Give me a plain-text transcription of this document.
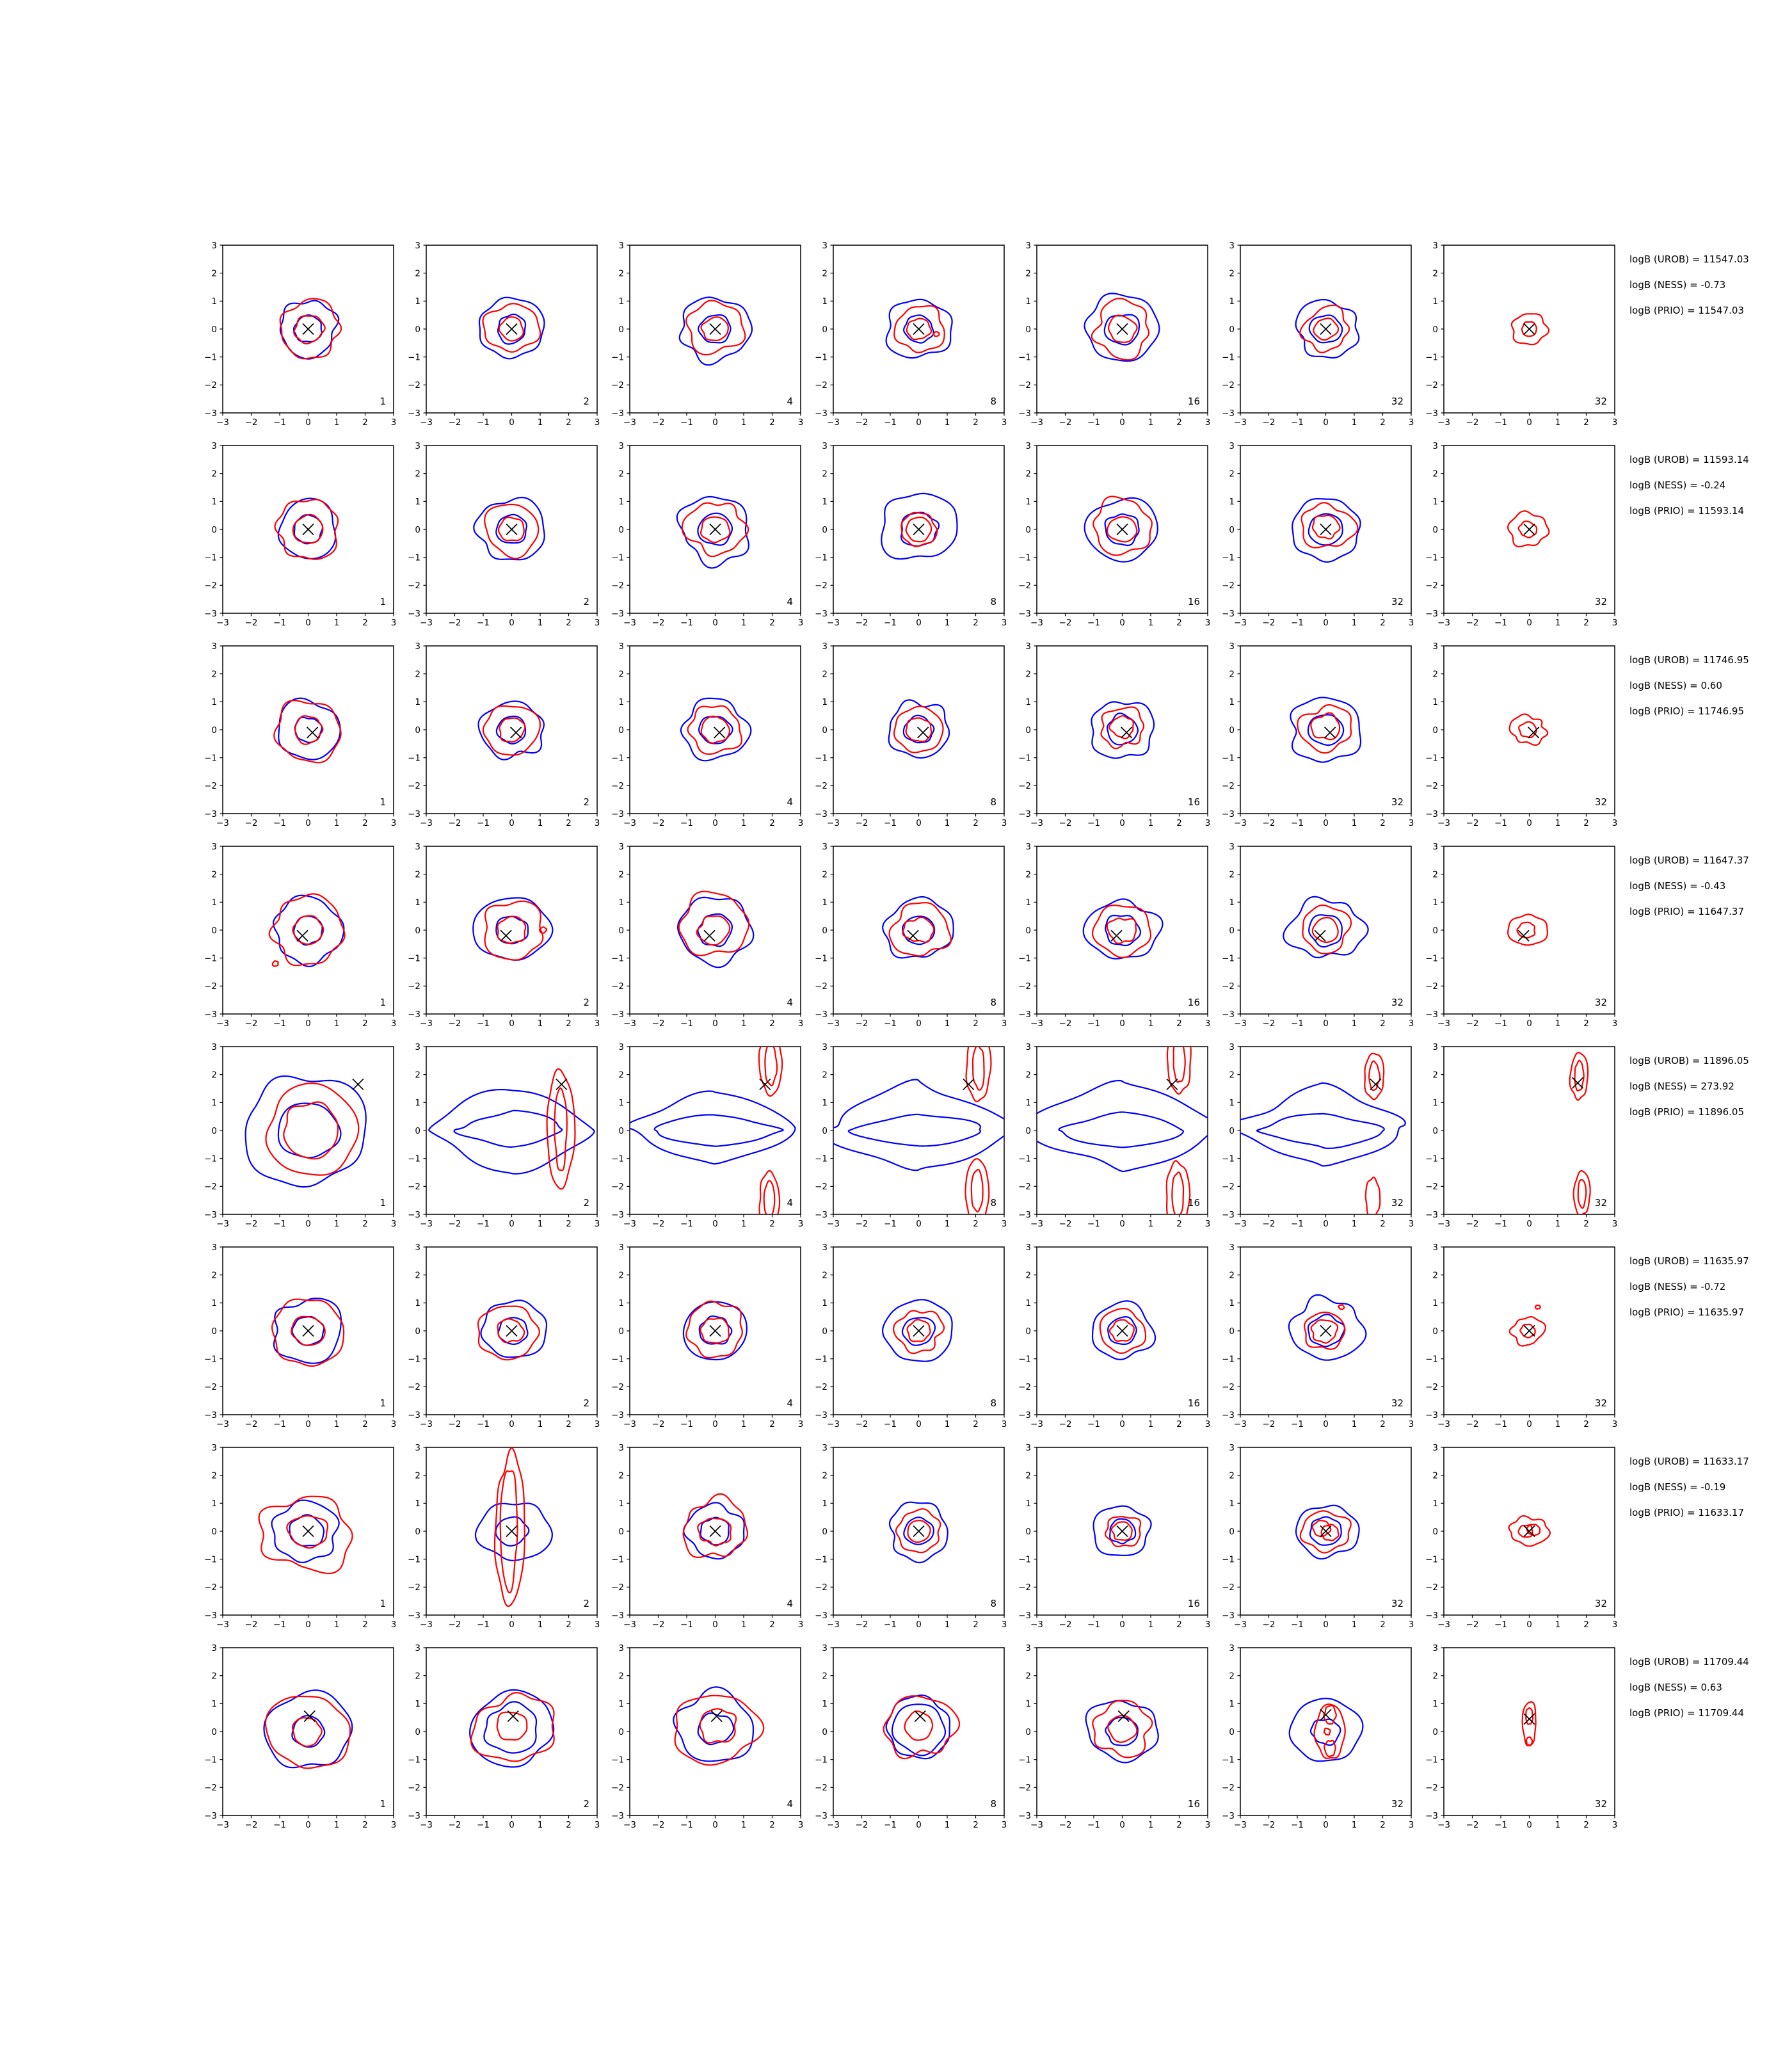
−3
−3
−2
−2
−1
−1
0
0
1
1
2
2
3
3
1
−3
−3
−2
−2
−1
−1
0
0
1
1
2
2
3
3
2
−3
−3
−2
−2
−1
−1
0
0
1
1
2
2
3
3
4
−3
−3
−2
−2
−1
−1
0
0
1
1
2
2
3
3
8
−3
−3
−2
−2
−1
−1
0
0
1
1
2
2
3
3
16
−3
−3
−2
−2
−1
−1
0
0
1
1
2
2
3
3
32
−3
−3
−2
−2
−1
−1
0
0
1
1
2
2
3
3
32
logB (UROB) = 11547.03
logB (NESS) = -0.73
logB (PRIO) = 11547.03
−3
−3
−2
−2
−1
−1
0
0
1
1
2
2
3
3
1
−3
−3
−2
−2
−1
−1
0
0
1
1
2
2
3
3
2
−3
−3
−2
−2
−1
−1
0
0
1
1
2
2
3
3
4
−3
−3
−2
−2
−1
−1
0
0
1
1
2
2
3
3
8
−3
−3
−2
−2
−1
−1
0
0
1
1
2
2
3
3
16
−3
−3
−2
−2
−1
−1
0
0
1
1
2
2
3
3
32
−3
−3
−2
−2
−1
−1
0
0
1
1
2
2
3
3
32
logB (UROB) = 11593.14
logB (NESS) = -0.24
logB (PRIO) = 11593.14
−3
−3
−2
−2
−1
−1
0
0
1
1
2
2
3
3
1
−3
−3
−2
−2
−1
−1
0
0
1
1
2
2
3
3
2
−3
−3
−2
−2
−1
−1
0
0
1
1
2
2
3
3
4
−3
−3
−2
−2
−1
−1
0
0
1
1
2
2
3
3
8
−3
−3
−2
−2
−1
−1
0
0
1
1
2
2
3
3
16
−3
−3
−2
−2
−1
−1
0
0
1
1
2
2
3
3
32
−3
−3
−2
−2
−1
−1
0
0
1
1
2
2
3
3
32
logB (UROB) = 11746.95
logB (NESS) = 0.60
logB (PRIO) = 11746.95
−3
−3
−2
−2
−1
−1
0
0
1
1
2
2
3
3
1
−3
−3
−2
−2
−1
−1
0
0
1
1
2
2
3
3
2
−3
−3
−2
−2
−1
−1
0
0
1
1
2
2
3
3
4
−3
−3
−2
−2
−1
−1
0
0
1
1
2
2
3
3
8
−3
−3
−2
−2
−1
−1
0
0
1
1
2
2
3
3
16
−3
−3
−2
−2
−1
−1
0
0
1
1
2
2
3
3
32
−3
−3
−2
−2
−1
−1
0
0
1
1
2
2
3
3
32
logB (UROB) = 11647.37
logB (NESS) = -0.43
logB (PRIO) = 11647.37
−3
−3
−2
−2
−1
−1
0
0
1
1
2
2
3
3
1
−3
−3
−2
−2
−1
−1
0
0
1
1
2
2
3
3
2
−3
−3
−2
−2
−1
−1
0
0
1
1
2
2
3
3
4
−3
−3
−2
−2
−1
−1
0
0
1
1
2
2
3
3
8
−3
−3
−2
−2
−1
−1
0
0
1
1
2
2
3
3
16
−3
−3
−2
−2
−1
−1
0
0
1
1
2
2
3
3
32
−3
−3
−2
−2
−1
−1
0
0
1
1
2
2
3
3
32
logB (UROB) = 11896.05
logB (NESS) = 273.92
logB (PRIO) = 11896.05
−3
−3
−2
−2
−1
−1
0
0
1
1
2
2
3
3
1
−3
−3
−2
−2
−1
−1
0
0
1
1
2
2
3
3
2
−3
−3
−2
−2
−1
−1
0
0
1
1
2
2
3
3
4
−3
−3
−2
−2
−1
−1
0
0
1
1
2
2
3
3
8
−3
−3
−2
−2
−1
−1
0
0
1
1
2
2
3
3
16
−3
−3
−2
−2
−1
−1
0
0
1
1
2
2
3
3
32
−3
−3
−2
−2
−1
−1
0
0
1
1
2
2
3
3
32
logB (UROB) = 11635.97
logB (NESS) = -0.72
logB (PRIO) = 11635.97
−3
−3
−2
−2
−1
−1
0
0
1
1
2
2
3
3
1
−3
−3
−2
−2
−1
−1
0
0
1
1
2
2
3
3
2
−3
−3
−2
−2
−1
−1
0
0
1
1
2
2
3
3
4
−3
−3
−2
−2
−1
−1
0
0
1
1
2
2
3
3
8
−3
−3
−2
−2
−1
−1
0
0
1
1
2
2
3
3
16
−3
−3
−2
−2
−1
−1
0
0
1
1
2
2
3
3
32
−3
−3
−2
−2
−1
−1
0
0
1
1
2
2
3
3
32
logB (UROB) = 11633.17
logB (NESS) = -0.19
logB (PRIO) = 11633.17
−3
−3
−2
−2
−1
−1
0
0
1
1
2
2
3
3
1
−3
−3
−2
−2
−1
−1
0
0
1
1
2
2
3
3
2
−3
−3
−2
−2
−1
−1
0
0
1
1
2
2
3
3
4
−3
−3
−2
−2
−1
−1
0
0
1
1
2
2
3
3
8
−3
−3
−2
−2
−1
−1
0
0
1
1
2
2
3
3
16
−3
−3
−2
−2
−1
−1
0
0
1
1
2
2
3
3
32
−3
−3
−2
−2
−1
−1
0
0
1
1
2
2
3
3
32
logB (UROB) = 11709.44
logB (NESS) = 0.63
logB (PRIO) = 11709.44
